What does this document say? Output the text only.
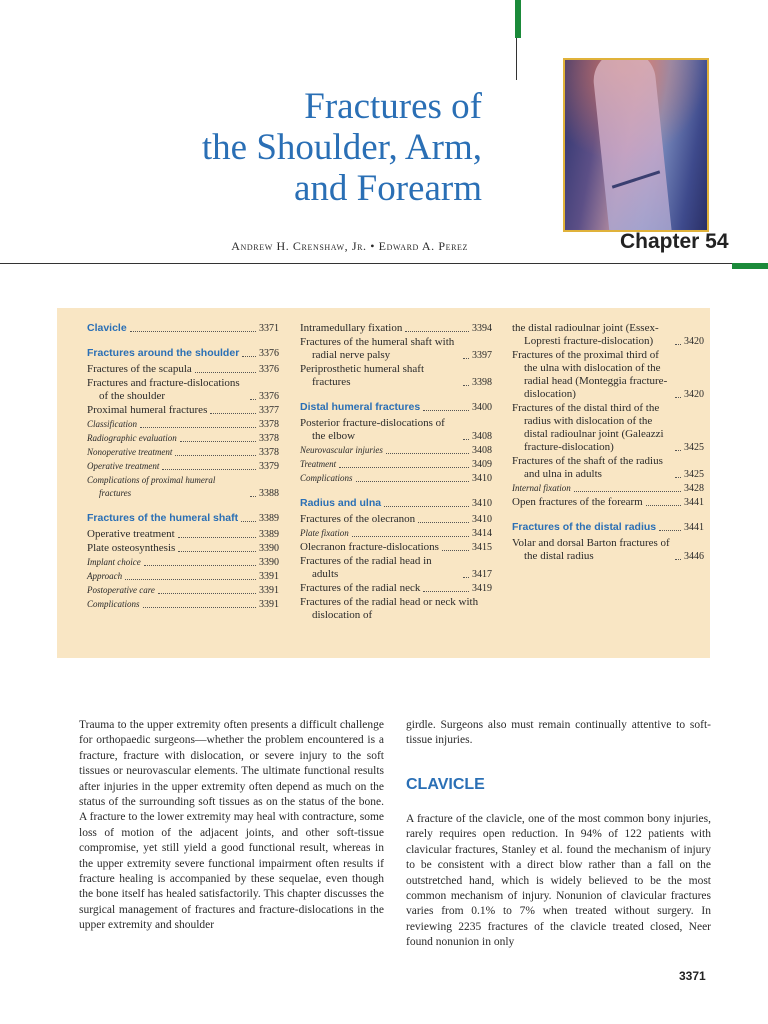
Fractures of
the Shoulder, Arm,
and Forearm
Andrew H. Crenshaw, Jr. • Edward A. Perez	Chapter 54
Clavicle	3371
Fractures around the shoulder 3376
Fractures of the scapula	3376
Fractures and fracture-dislocations of the shoulder	3376
Proximal humeral fractures	3377
Classification	3378
Radiographic evaluation	3378
Nonoperative treatment	3378
Operative treatment	3379
Complications of proximal humeral fractures	3388
Fractures of the humeral shaft 3389
Operative treatment	3389
Plate osteosynthesis	3390
Implant choice	3390
Approach	3391
Postoperative care	3391
Complications	3391
Intramedullary fixation	3394
Fractures of the humeral shaft with radial nerve palsy	3397
Periprosthetic humeral shaft fractures	3398
Distal humeral fractures	3400
Posterior fracture-dislocations of the elbow	3408
Neurovascular injuries	3408
Treatment	3409
Complications	3410
Radius and ulna	3410
Fractures of the olecranon	3410
Plate fixation	3414
Olecranon fracture-dislocations	3415
Fractures of the radial head in adults	3417
Fractures of the radial neck	3419
Fractures of the radial head or neck with dislocation of
the distal radioulnar joint (Essex-Lopresti fracture-dislocation)	3420
Fractures of the proximal third of the ulna with dislocation of the radial head (Monteggia fracture-dislocation)	3420
Fractures of the distal third of the radius with dislocation of the distal radioulnar joint (Galeazzi fracture-dislocation)	3425
Fractures of the shaft of the radius and ulna in adults	3425
Internal fixation	3428
Open fractures of the forearm	3441
Fractures of the distal radius	3441
Volar and dorsal Barton fractures of the distal radius	3446
Trauma to the upper extremity often presents a difficult challenge for orthopaedic surgeons—whether the problem encountered is a fracture, fracture with dislocation, or severe injury to the soft tissues or neurovascular elements. The ultimate functional results after injuries in the upper extremity often depend as much on the status of the surrounding soft tissues as on the status of the bone. A fracture to the lower extremity may heal with contracture, some loss of motion of the adjacent joints, and other soft-tissue compromise, yet still yield a good functional result, whereas in the upper extremity severe functional impairment often results if fracture healing is accompanied by these sequelae, even though the bone itself has healed satisfactorily. This chapter discusses the surgical management of fractures and fracture-dislocations in the upper extremity and shoulder
girdle. Surgeons also must remain continually attentive to soft-tissue injuries.
CLAVICLE
A fracture of the clavicle, one of the most common bony injuries, rarely requires open reduction. In 94% of 122 patients with clavicular fractures, Stanley et al. found the mechanism of injury to be consistent with a direct blow rather than a fall on the outstretched hand, which is widely believed to be the most common mechanism of injury. Nonunion of clavicular fractures varies from 0.1% to 7% when treated without surgery. In reviewing 2235 fractures of the clavicle treated closed, Neer found nonunion in only
3371
